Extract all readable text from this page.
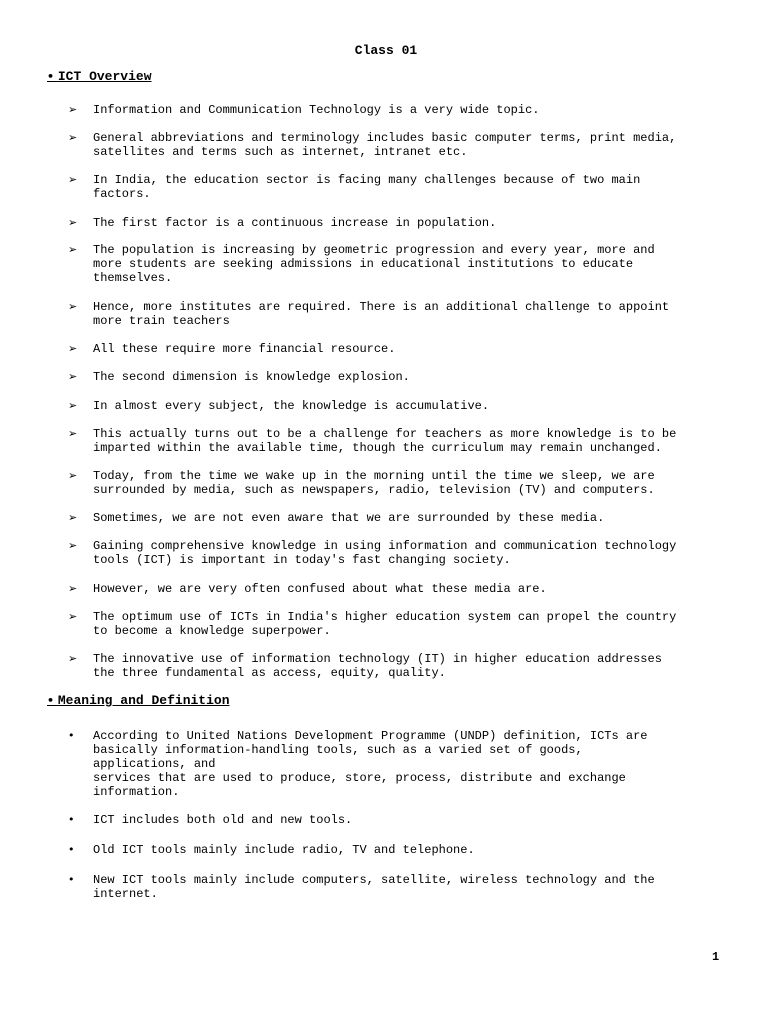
Class 01
• ICT Overview
➢	Information and Communication Technology is a very wide topic.
➢	General abbreviations and terminology includes basic computer terms, print media,
satellites and terms such as internet, intranet etc.
➢	In India, the education sector is facing many challenges because of two main
factors.
➢	The first factor is a continuous increase in population.
➢	The population is increasing by geometric progression and every year, more and
more students are seeking admissions in educational institutions to educate
themselves.
➢	Hence, more institutes are required. There is an additional challenge to appoint
more train teachers
➢	All these require more financial resource.
➢	The second dimension is knowledge explosion.
➢	In almost every subject, the knowledge is accumulative.
➢	This actually turns out to be a challenge for teachers as more knowledge is to be
imparted within the available time, though the curriculum may remain unchanged.
➢	Today, from the time we wake up in the morning until the time we sleep, we are
surrounded by media, such as newspapers, radio, television (TV) and computers.
➢	Sometimes, we are not even aware that we are surrounded by these media.
➢	Gaining comprehensive knowledge in using information and communication technology
tools (ICT) is important in today's fast changing society.
➢	However, we are very often confused about what these media are.
➢	The optimum use of ICTs in India's higher education system can propel the country
to become a knowledge superpower.
➢	The innovative use of information technology (IT) in higher education addresses
the three fundamental as access, equity, quality.
• Meaning and Definition
•	According to United Nations Development Programme (UNDP) definition, ICTs are
basically information-handling tools, such as a varied set of goods,
applications, and
services that are used to produce, store, process, distribute and exchange
information.
•	ICT includes both old and new tools.
•	Old ICT tools mainly include radio, TV and telephone.
•	New ICT tools mainly include computers, satellite, wireless technology and the
internet.
1
